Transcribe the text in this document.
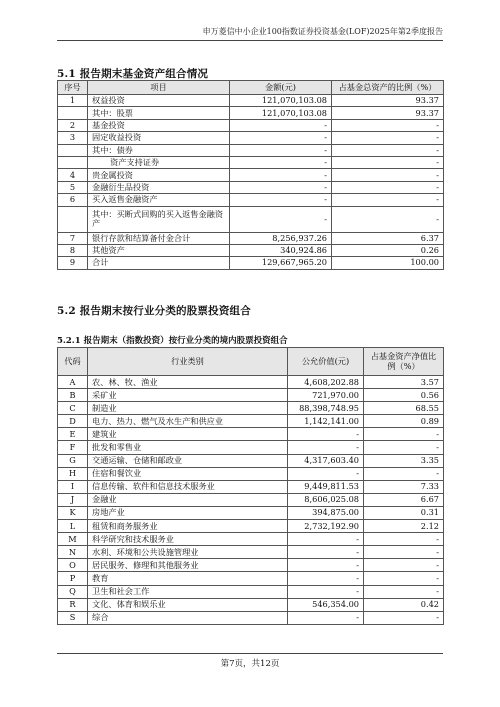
申万菱信中小企业100指数证券投资基金(LOF)2025年第2季度报告
5.1 报告期末基金资产组合情况
序号	项目	金额(元)	占基金总资产的比例（%）
1	权益投资	121,070,103.08	93.37
	其中：股票	121,070,103.08	93.37
2	基金投资	-	-
3	固定收益投资	-	-
	其中：债券	-	-
	资产支持证券	-	-
4	贵金属投资	-	-
5	金融衍生品投资	-	-
6	买入返售金融资产	-	-
	其中：买断式回购的买入返售金融资产	-	-
7	银行存款和结算备付金合计	8,256,937.26	6.37
8	其他资产	340,924.86	0.26
9	合计	129,667,965.20	100.00
5.2 报告期末按行业分类的股票投资组合
5.2.1 报告期末（指数投资）按行业分类的境内股票投资组合
代码	行业类别	公允价值(元)	占基金资产净值比例（%）
A	农、林、牧、渔业	4,608,202.88	3.57
B	采矿业	721,970.00	0.56
C	制造业	88,398,748.95	68.55
D	电力、热力、燃气及水生产和供应业	1,142,141.00	0.89
E	建筑业	-	-
F	批发和零售业	-	-
G	交通运输、仓储和邮政业	4,317,603.40	3.35
H	住宿和餐饮业	-	-
I	信息传输、软件和信息技术服务业	9,449,811.53	7.33
J	金融业	8,606,025.08	6.67
K	房地产业	394,875.00	0.31
L	租赁和商务服务业	2,732,192.90	2.12
M	科学研究和技术服务业	-	-
N	水利、环境和公共设施管理业	-	-
O	居民服务、修理和其他服务业	-	-
P	教育	-	-
Q	卫生和社会工作	-	-
R	文化、体育和娱乐业	546,354.00	0.42
S	综合	-	-
第7页，共12页
